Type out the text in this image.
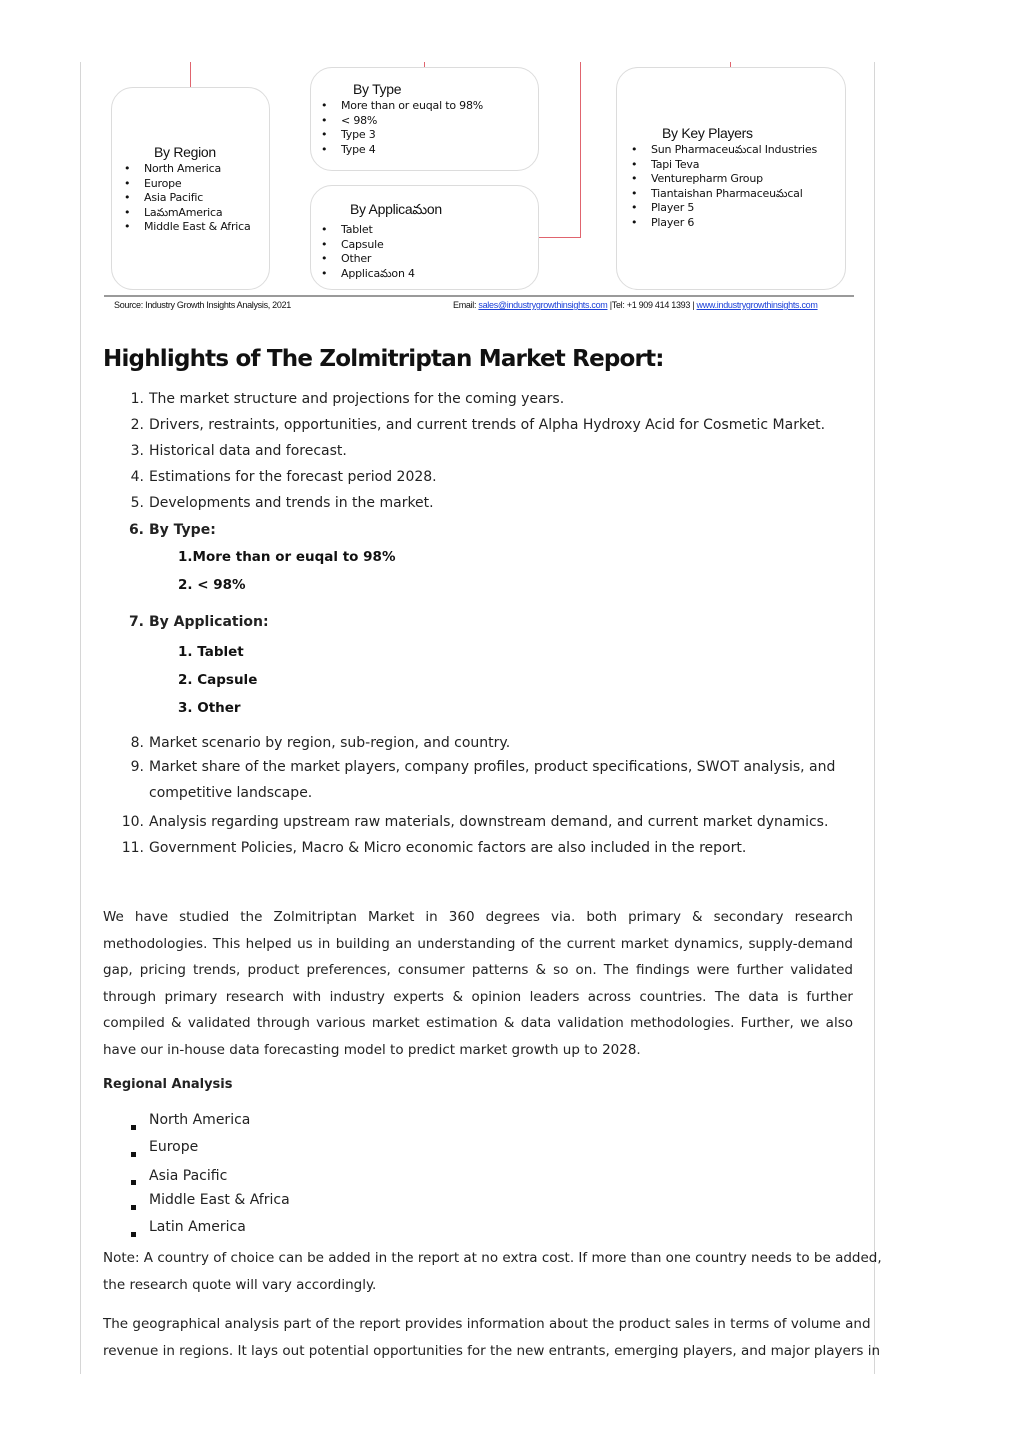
By Type
• More than or euqal to 98%
• < 98%
• Type 3
• Type 4
By Region
• North America
• Europe
• Asia Pacific
• LaమmAmerica
• Middle East & Africa
By Applicaమon
• Tablet
• Capsule
• Other
• Applicaమon 4
By Key Players
• Sun Pharmaceuమcal Industries
• Tapi Teva
• Venturepharm Group
• Tiantaishan Pharmaceuమcal
• Player 5
• Player 6
Source: Industry Growth Insights Analysis, 2021	Email: sales@industrygrowthinsights.com |Tel: +1 909 414 1393 | www.industrygrowthinsights.com
Highlights of The Zolmitriptan Market Report:
1. The market structure and projections for the coming years.
2. Drivers, restraints, opportunities, and current trends of Alpha Hydroxy Acid for Cosmetic Market.
3. Historical data and forecast.
4. Estimations for the forecast period 2028.
5. Developments and trends in the market.
6. By Type:
1.More than or euqal to 98%
2. < 98%
7. By Application:
1. Tablet
2. Capsule
3. Other
8. Market scenario by region, sub-region, and country.
9. Market share of the market players, company proﬁles, product speciﬁcations, SWOT analysis, and
competitive landscape.
10. Analysis regarding upstream raw materials, downstream demand, and current market dynamics.
11. Government Policies, Macro & Micro economic factors are also included in the report.

We have studied the Zolmitriptan Market in 360 degrees via. both primary & secondary research methodologies. This helped us in building an understanding of the current market dynamics, supply-demand gap, pricing trends, product preferences, consumer patterns & so on. The ﬁndings were further validated through primary research with industry experts & opinion leaders across countries. The data is further compiled & validated through various market estimation & data validation methodologies. Further, we also have our in-house data forecasting model to predict market growth up to 2028.

Regional Analysis
North America
Europe
Asia Paciﬁc
Middle East & Africa
Latin America
Note: A country of choice can be added in the report at no extra cost. If more than one country needs to be added,
the research quote will vary accordingly.
The geographical analysis part of the report provides information about the product sales in terms of volume and
revenue in regions. It lays out potential opportunities for the new entrants, emerging players, and major players in
